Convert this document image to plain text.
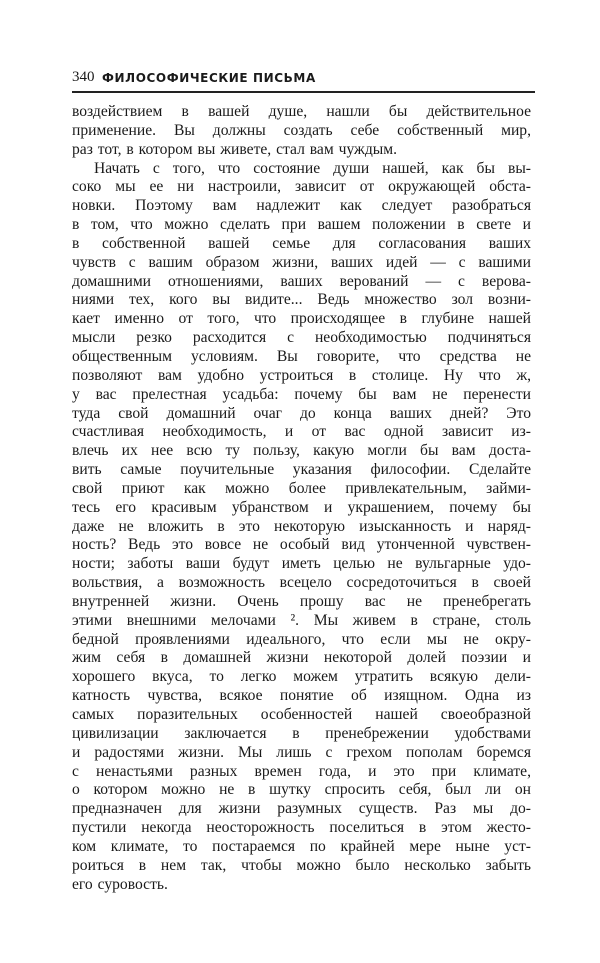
340 ФИЛОСОФИЧЕСКИЕ ПИСЬМА
воздействием в вашей душе, нашли бы действительное
применение. Вы должны создать себе собственный мир,
раз тот, в котором вы живете, стал вам чуждым.
Начать с того, что состояние души нашей, как бы вы-
соко мы ее ни настроили, зависит от окружающей обста-
новки. Поэтому вам надлежит как следует разобраться
в том, что можно сделать при вашем положении в свете и
в собственной вашей семье для согласования ваших
чувств с вашим образом жизни, ваших идей — с вашими
домашними отношениями, ваших верований — с верова-
ниями тех, кого вы видите... Ведь множество зол возни-
кает именно от того, что происходящее в глубине нашей
мысли резко расходится с необходимостью подчиняться
общественным условиям. Вы говорите, что средства не
позволяют вам удобно устроиться в столице. Ну что ж,
у вас прелестная усадьба: почему бы вам не перенести
туда свой домашний очаг до конца ваших дней? Это
счастливая необходимость, и от вас одной зависит из-
влечь их нее всю ту пользу, какую могли бы вам доста-
вить самые поучительные указания философии. Сделайте
свой приют как можно более привлекательным, займи-
тесь его красивым убранством и украшением, почему бы
даже не вложить в это некоторую изысканность и наряд-
ность? Ведь это вовсе не особый вид утонченной чувствен-
ности; заботы ваши будут иметь целью не вульгарные удо-
вольствия, а возможность всецело сосредоточиться в своей
внутренней жизни. Очень прошу вас не пренебрегать
этими внешними мелочами ². Мы живем в стране, столь
бедной проявлениями идеального, что если мы не окру-
жим себя в домашней жизни некоторой долей поэзии и
хорошего вкуса, то легко можем утратить всякую дели-
катность чувства, всякое понятие об изящном. Одна из
самых поразительных особенностей нашей своеобразной
цивилизации заключается в пренебрежении удобствами
и радостями жизни. Мы лишь с грехом пополам боремся
с ненастьями разных времен года, и это при климате,
о котором можно не в шутку спросить себя, был ли он
предназначен для жизни разумных существ. Раз мы до-
пустили некогда неосторожность поселиться в этом жесто-
ком климате, то постараемся по крайней мере ныне уст-
роиться в нем так, чтобы можно было несколько забыть
его суровость.
